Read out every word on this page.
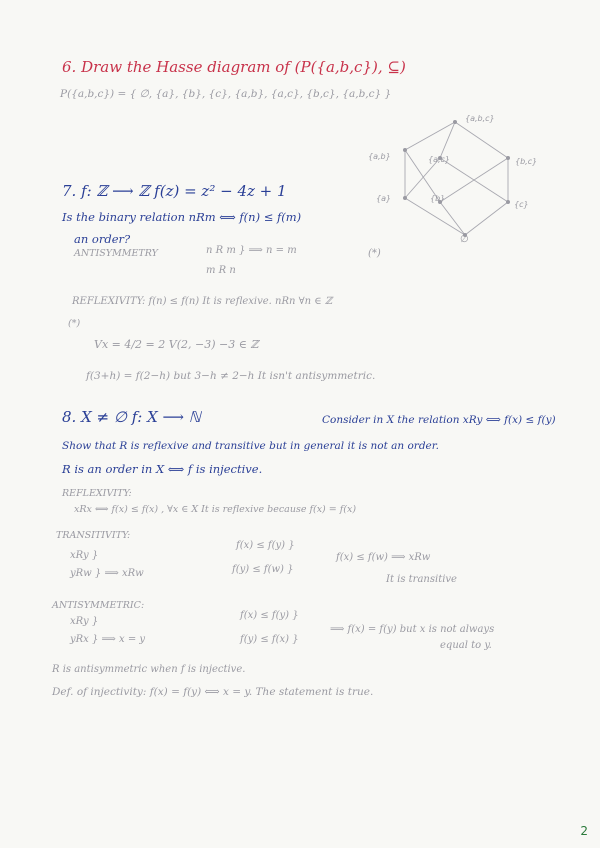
6. Draw the Hasse diagram of (P({a,b,c}), ⊆)
P({a,b,c}) = { ∅, {a}, {b}, {c}, {a,b}, {a,c}, {b,c}, {a,b,c} }
{a,b,c}
{a,b}	{a,c}	{b,c}
{a}	{b}
{c}
∅
7. f: ℤ ⟶ ℤ f(z) = z² − 4z + 1
Is the binary relation nRm ⟺ f(n) ≤ f(m)
an order?
ANTISYMMETRY	n R m } ⟹ n = m
m R n
(*)
REFLEXIVITY: f(n) ≤ f(n) It is reflexive. nRn ∀n ∈ ℤ
(*)
Vx = 4/2 = 2 V(2, −3) −3 ∈ ℤ
f(3+h) = f(2−h) but 3−h ≠ 2−h It isn't antisymmetric.
8. X ≠ ∅ f: X ⟶ ℕ	Consider in X the relation xRy ⟺ f(x) ≤ f(y)
Show that R is reflexive and transitive but in general it is not an order.
R is an order in X ⟺ f is injective.
REFLEXIVITY:
xRx ⟺ f(x) ≤ f(x) , ∀x ∈ X It is reflexive because f(x) = f(x)
TRANSITIVITY:
xRy }
yRw } ⟹ xRw
f(x) ≤ f(y) }
f(y) ≤ f(w) }
f(x) ≤ f(w) ⟹ xRw
It is transitive
ANTISYMMETRIC:
xRy }
yRx } ⟹ x = y
f(x) ≤ f(y) }
f(y) ≤ f(x) }
⟹ f(x) = f(y) but x is not always
equal to y.
R is antisymmetric when f is injective.
Def. of injectivity: f(x) = f(y) ⟺ x = y. The statement is true.
2
